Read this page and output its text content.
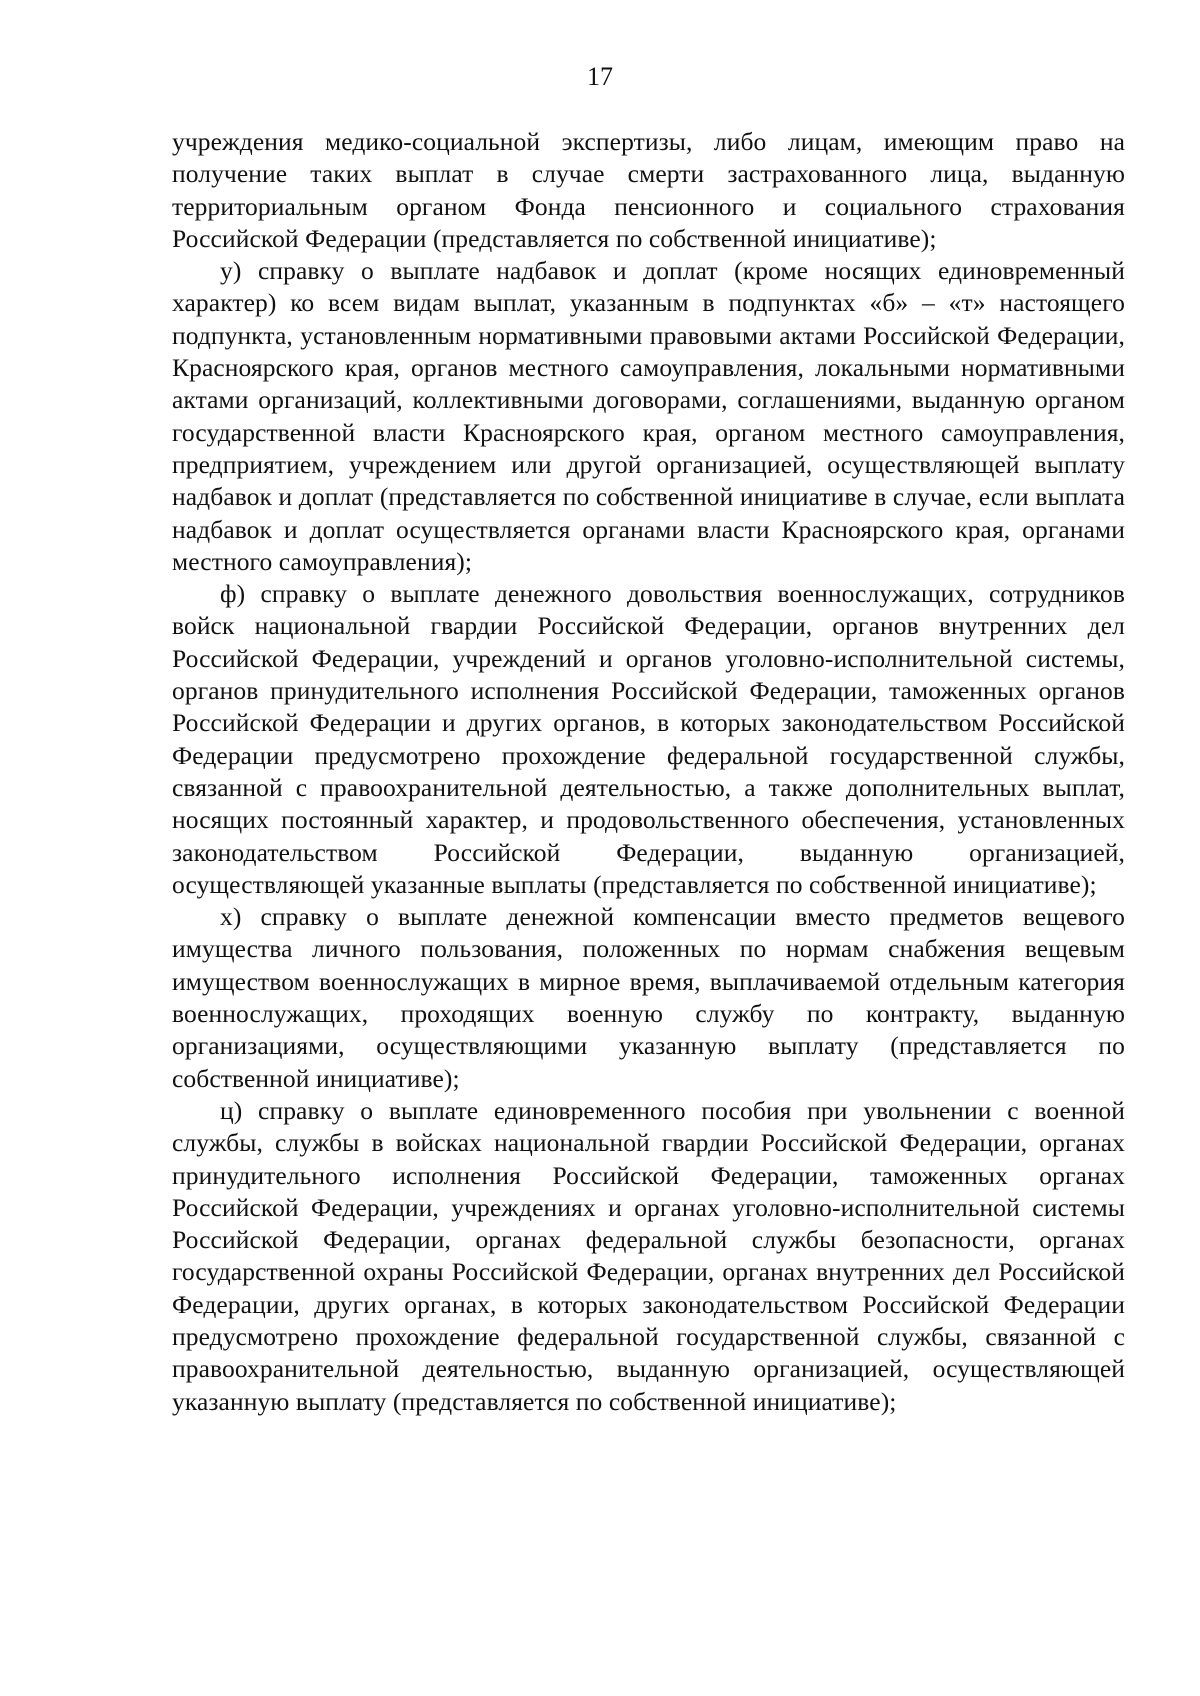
17

учреждения медико-социальной экспертизы, либо лицам, имеющим право на получение таких выплат в случае смерти застрахованного лица, выданную территориальным органом Фонда пенсионного и социального страхования Российской Федерации (представляется по собственной инициативе);

у) справку о выплате надбавок и доплат (кроме носящих единовременный характер) ко всем видам выплат, указанным в подпунктах «б» – «т» настоящего подпункта, установленным нормативными правовыми актами Российской Федерации, Красноярского края, органов местного самоуправления, локальными нормативными актами организаций, коллективными договорами, соглашениями, выданную органом государственной власти Красноярского края, органом местного самоуправления, предприятием, учреждением или другой организацией, осуществляющей выплату надбавок и доплат (представляется по собственной инициативе в случае, если выплата надбавок и доплат осуществляется органами власти Красноярского края, органами местного самоуправления);

ф) справку о выплате денежного довольствия военнослужащих, сотрудников войск национальной гвардии Российской Федерации, органов внутренних дел Российской Федерации, учреждений и органов уголовно-исполнительной системы, органов принудительного исполнения Российской Федерации, таможенных органов Российской Федерации и других органов, в которых законодательством Российской Федерации предусмотрено прохождение федеральной государственной службы, связанной с правоохранительной деятельностью, а также дополнительных выплат, носящих постоянный характер, и продовольственного обеспечения, установленных законодательством Российской Федерации, выданную организацией, осуществляющей указанные выплаты (представляется по собственной инициативе);

х) справку о выплате денежной компенсации вместо предметов вещевого имущества личного пользования, положенных по нормам снабжения вещевым имуществом военнослужащих в мирное время, выплачиваемой отдельным категория военнослужащих, проходящих военную службу по контракту, выданную организациями, осуществляющими указанную выплату (представляется по собственной инициативе);

ц) справку о выплате единовременного пособия при увольнении с военной службы, службы в войсках национальной гвардии Российской Федерации, органах принудительного исполнения Российской Федерации, таможенных органах Российской Федерации, учреждениях и органах уголовно-исполнительной системы Российской Федерации, органах федеральной службы безопасности, органах государственной охраны Российской Федерации, органах внутренних дел Российской Федерации, других органах, в которых законодательством Российской Федерации предусмотрено прохождение федеральной государственной службы, связанной с правоохранительной деятельностью, выданную организацией, осуществляющей указанную выплату (представляется по собственной инициативе);
